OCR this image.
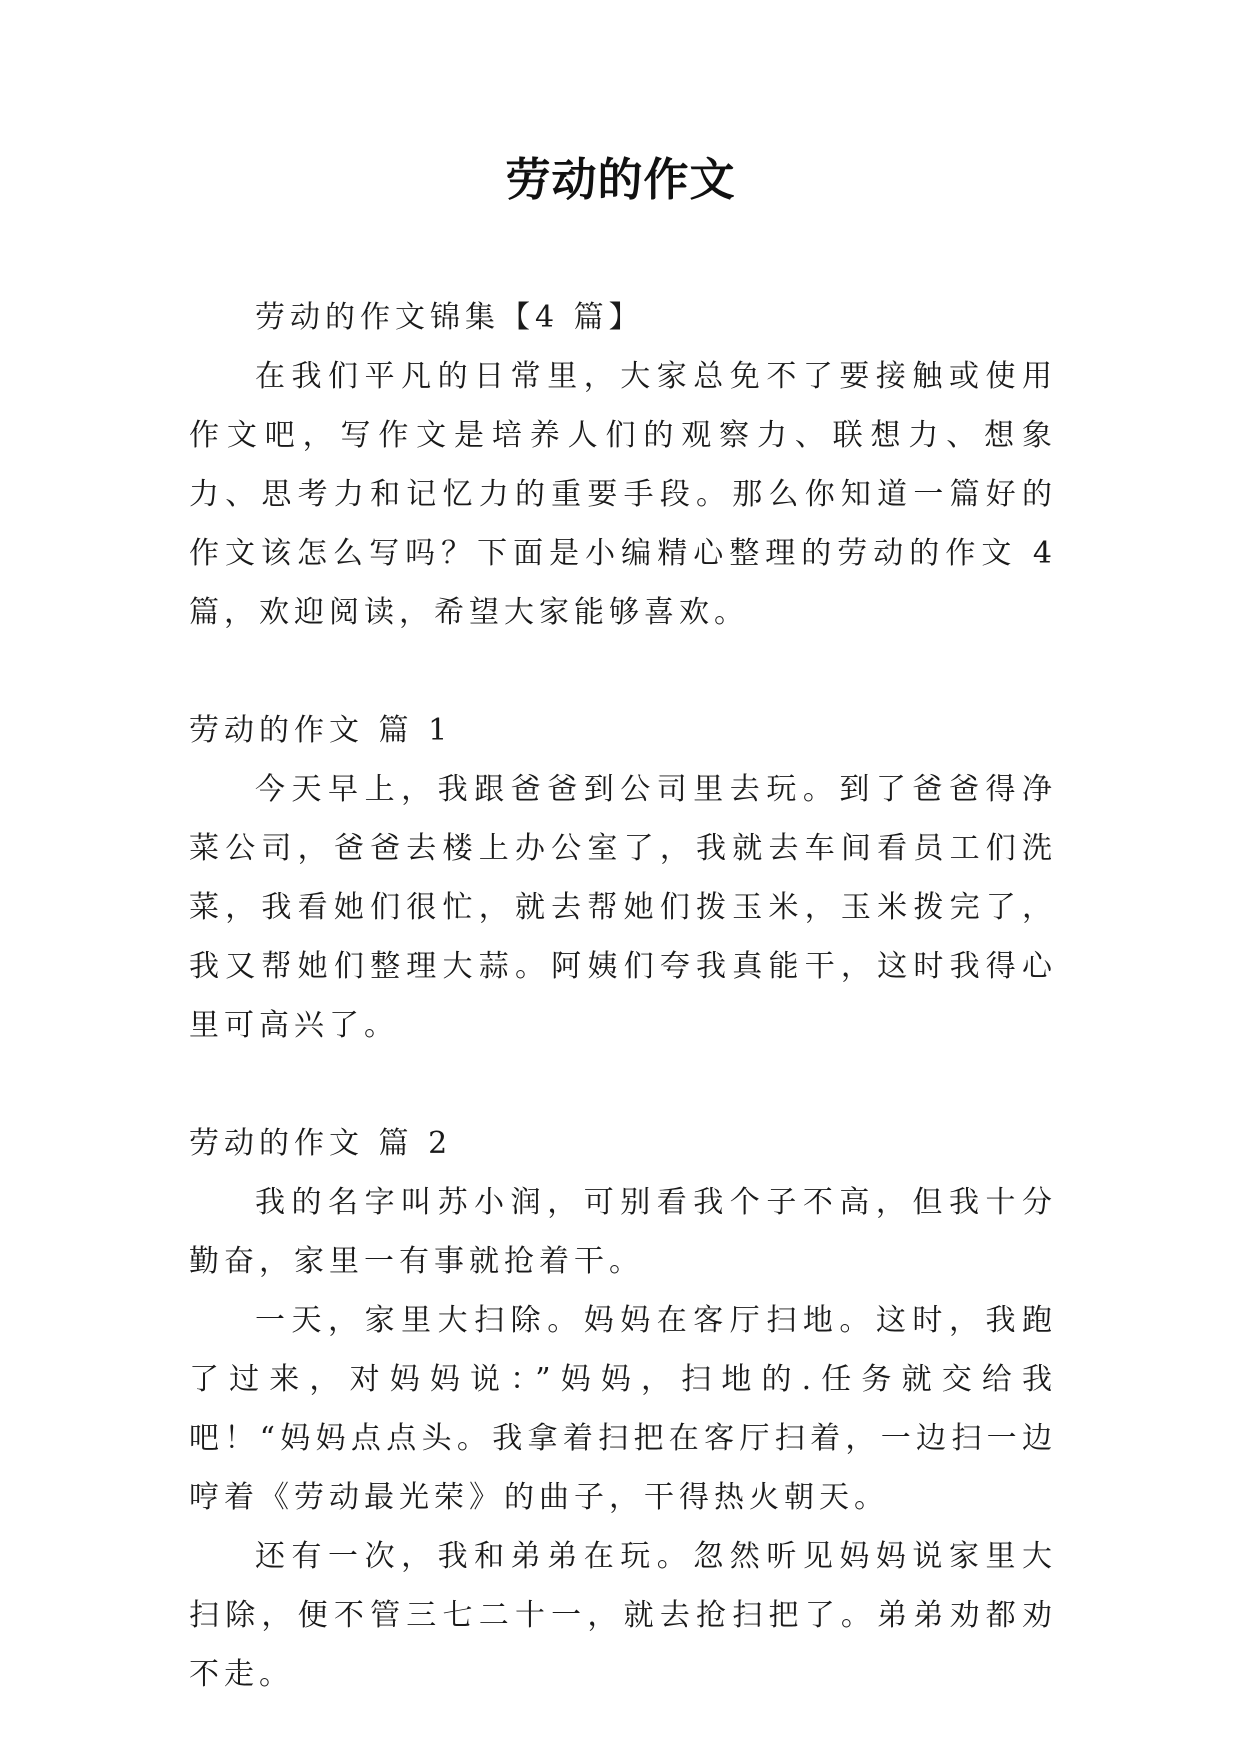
劳动的作文

劳动的作文锦集【4 篇】

在我们平凡的日常里，大家总免不了要接触或使用作文吧，写作文是培养人们的观察力、联想力、想象力、思考力和记忆力的重要手段。那么你知道一篇好的作文该怎么写吗？下面是小编精心整理的劳动的作文 4 篇，欢迎阅读，希望大家能够喜欢。

劳动的作文 篇 1

今天早上，我跟爸爸到公司里去玩。到了爸爸得净菜公司，爸爸去楼上办公室了，我就去车间看员工们洗菜，我看她们很忙，就去帮她们拨玉米，玉米拨完了，我又帮她们整理大蒜。阿姨们夸我真能干，这时我得心里可高兴了。

劳动的作文 篇 2

我的名字叫苏小润，可别看我个子不高，但我十分勤奋，家里一有事就抢着干。

一天，家里大扫除。妈妈在客厅扫地。这时，我跑了过来，对妈妈说：”妈妈，扫地的.任务就交给我吧！“妈妈点点头。我拿着扫把在客厅扫着，一边扫一边哼着《劳动最光荣》的曲子，干得热火朝天。

还有一次，我和弟弟在玩。忽然听见妈妈说家里大扫除，便不管三七二十一，就去抢扫把了。弟弟劝都劝不走。
